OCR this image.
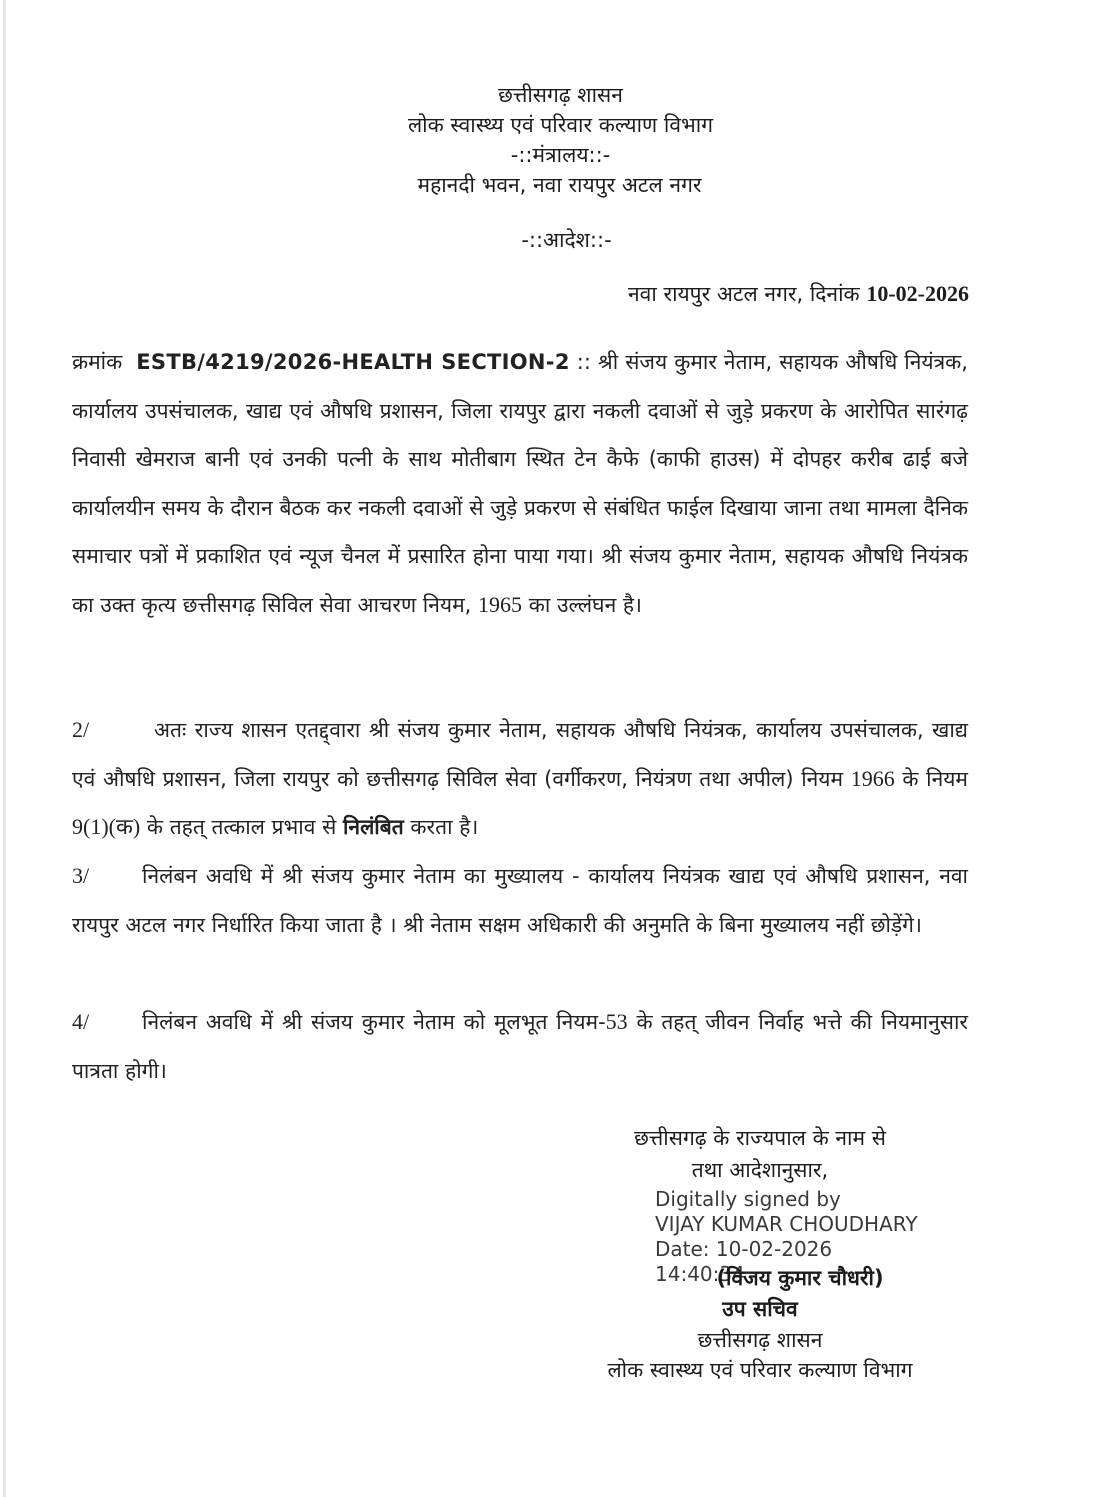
छत्तीसगढ़ शासन
लोक स्वास्थ्य एवं परिवार कल्याण विभाग
-::मंत्रालय::-
महानदी भवन, नवा रायपुर अटल नगर
-::आदेश::-
नवा रायपुर अटल नगर, दिनांक 10-02-2026
क्रमांक ESTB/4219/2026-HEALTH SECTION-2 :: श्री संजय कुमार नेताम, सहायक औषधि नियंत्रक, कार्यालय उपसंचालक, खाद्य एवं औषधि प्रशासन, जिला रायपुर द्वारा नकली दवाओं से जुड़े प्रकरण के आरोपित सारंगढ़ निवासी खेमराज बानी एवं उनकी पत्नी के साथ मोतीबाग स्थित टेन कैफे (काफी हाउस) में दोपहर करीब ढाई बजे कार्यालयीन समय के दौरान बैठक कर नकली दवाओं से जुड़े प्रकरण से संबंधित फाईल दिखाया जाना तथा मामला दैनिक समाचार पत्रों में प्रकाशित एवं न्यूज चैनल में प्रसारित होना पाया गया। श्री संजय कुमार नेताम, सहायक औषधि नियंत्रक का उक्त कृत्य छत्तीसगढ़ सिविल सेवा आचरण नियम, 1965 का उल्लंघन है।
2/	अतः राज्य शासन एतद्द्वारा श्री संजय कुमार नेताम, सहायक औषधि नियंत्रक, कार्यालय उपसंचालक, खाद्य एवं औषधि प्रशासन, जिला रायपुर को छत्तीसगढ़ सिविल सेवा (वर्गीकरण, नियंत्रण तथा अपील) नियम 1966 के नियम 9(1)(क) के तहत् तत्काल प्रभाव से निलंबित करता है।
3/	निलंबन अवधि में श्री संजय कुमार नेताम का मुख्यालय - कार्यालय नियंत्रक खाद्य एवं औषधि प्रशासन, नवा रायपुर अटल नगर निर्धारित किया जाता है । श्री नेताम सक्षम अधिकारी की अनुमति के बिना मुख्यालय नहीं छोड़ेंगे।
4/	निलंबन अवधि में श्री संजय कुमार नेताम को मूलभूत नियम-53 के तहत् जीवन निर्वाह भत्ते की नियमानुसार पात्रता होगी।
छत्तीसगढ़ के राज्यपाल के नाम से
तथा आदेशानुसार,
Digitally signed by
VIJAY KUMAR CHOUDHARY
Date: 10-02-2026
14:40:34
(विजय कुमार चौधरी)
उप सचिव
छत्तीसगढ़ शासन
लोक स्वास्थ्य एवं परिवार कल्याण विभाग
